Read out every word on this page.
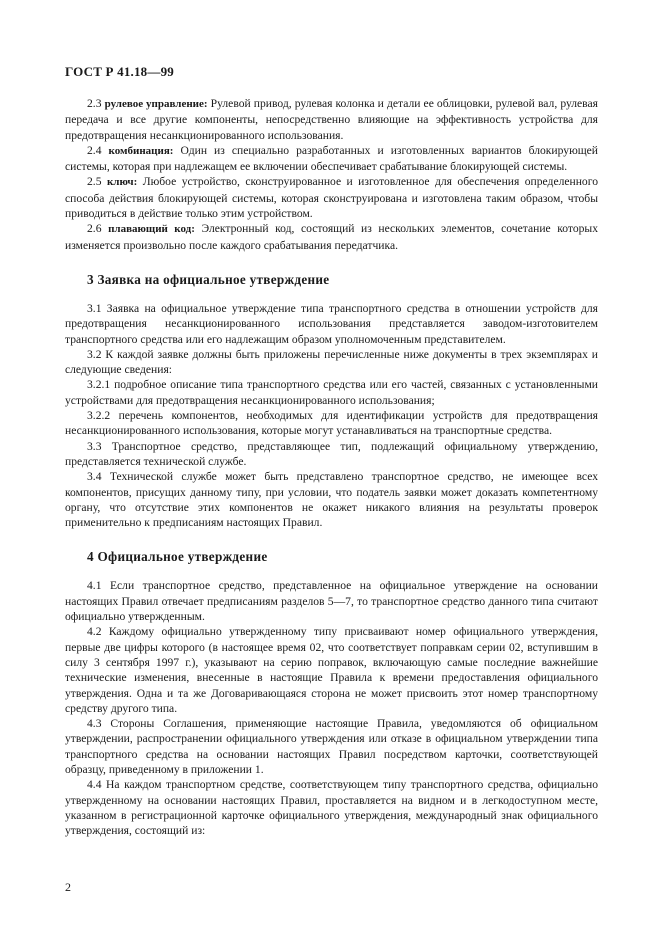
ГОСТ Р 41.18—99

2.3 рулевое управление: Рулевой привод, рулевая колонка и детали ее облицовки, рулевой вал, рулевая передача и все другие компоненты, непосредственно влияющие на эффективность устройства для предотвращения несанкционированного использования.

2.4 комбинация: Один из специально разработанных и изготовленных вариантов блокирующей системы, которая при надлежащем ее включении обеспечивает срабатывание блокирующей системы.

2.5 ключ: Любое устройство, сконструированное и изготовленное для обеспечения определенного способа действия блокирующей системы, которая сконструирована и изготовлена таким образом, чтобы приводиться в действие только этим устройством.

2.6 плавающий код: Электронный код, состоящий из нескольких элементов, сочетание которых изменяется произвольно после каждого срабатывания передатчика.

3 Заявка на официальное утверждение

3.1 Заявка на официальное утверждение типа транспортного средства в отношении устройств для предотвращения несанкционированного использования представляется заводом-изготовителем транспортного средства или его надлежащим образом уполномоченным представителем.

3.2 К каждой заявке должны быть приложены перечисленные ниже документы в трех экземплярах и следующие сведения:

3.2.1 подробное описание типа транспортного средства или его частей, связанных с установленными устройствами для предотвращения несанкционированного использования;

3.2.2 перечень компонентов, необходимых для идентификации устройств для предотвращения несанкционированного использования, которые могут устанавливаться на транспортные средства.

3.3 Транспортное средство, представляющее тип, подлежащий официальному утверждению, представляется технической службе.

3.4 Технической службе может быть представлено транспортное средство, не имеющее всех компонентов, присущих данному типу, при условии, что податель заявки может доказать компетентному органу, что отсутствие этих компонентов не окажет никакого влияния на результаты проверок применительно к предписаниям настоящих Правил.

4 Официальное утверждение

4.1 Если транспортное средство, представленное на официальное утверждение на основании настоящих Правил отвечает предписаниям разделов 5—7, то транспортное средство данного типа считают официально утвержденным.

4.2 Каждому официально утвержденному типу присваивают номер официального утверждения, первые две цифры которого (в настоящее время 02, что соответствует поправкам серии 02, вступившим в силу 3 сентября 1997 г.), указывают на серию поправок, включающую самые последние важнейшие технические изменения, внесенные в настоящие Правила к времени предоставления официального утверждения. Одна и та же Договаривающаяся сторона не может присвоить этот номер транспортному средству другого типа.

4.3 Стороны Соглашения, применяющие настоящие Правила, уведомляются об официальном утверждении, распространении официального утверждения или отказе в официальном утверждении типа транспортного средства на основании настоящих Правил посредством карточки, соответствующей образцу, приведенному в приложении 1.

4.4 На каждом транспортном средстве, соответствующем типу транспортного средства, официально утвержденному на основании настоящих Правил, проставляется на видном и в легкодоступном месте, указанном в регистрационной карточке официального утверждения, международный знак официального утверждения, состоящий из:

2
